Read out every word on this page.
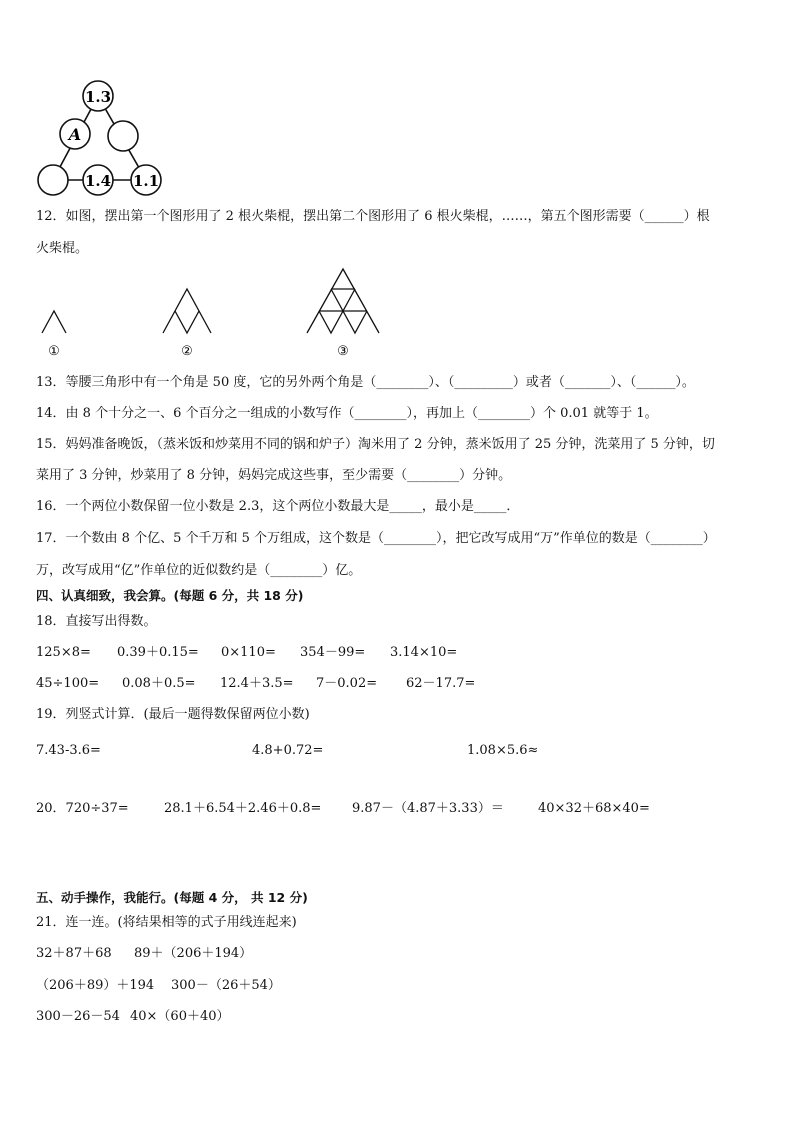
1.3
A
1.4 1.1
12．如图，摆出第一个图形用了 2 根火柴棍，摆出第二个图形用了 6 根火柴棍，……，第五个图形需要（______）根
火柴棍。
①	②	③
13．等腰三角形中有一个角是 50 度，它的另外两个角是（________）、（_________）或者（_______）、（______）。
14．由 8 个十分之一、6 个百分之一组成的小数写作（________），再加上（________）个 0.01 就等于 1。
15．妈妈准备晚饭，（蒸米饭和炒菜用不同的锅和炉子）淘米用了 2 分钟，蒸米饭用了 25 分钟，洗菜用了 5 分钟，切
菜用了 3 分钟，炒菜用了 8 分钟，妈妈完成这些事，至少需要（________）分钟。
16．一个两位小数保留一位小数是 2.3，这个两位小数最大是_____，最小是_____．
17．一个数由 8 个亿、5 个千万和 5 个万组成，这个数是（________），把它改写成用“万”作单位的数是（________）
万，改写成用“亿”作单位的近似数约是（________）亿。
四、认真细致，我会算。(每题 6 分，共 18 分)
18．直接写出得数。
125×8= 0.39＋0.15= 0×110= 354－99= 3.14×10=
45÷100= 0.08＋0.5= 12.4＋3.5= 7－0.02= 62－17.7=
19．列竖式计算．(最后一题得数保留两位小数)
7.43-3.6=	4.8+0.72=	1.08×5.6≈
20．720÷37=	28.1＋6.54＋2.46＋0.8= 9.87－（4.87＋3.33）＝	40×32＋68×40=
五、动手操作，我能行。(每题 4 分， 共 12 分)
21．连一连。(将结果相等的式子用线连起来)
32＋87＋68 89＋（206＋194）
（206＋89）＋194 300－（26＋54）
300－26－54 40×（60＋40）
